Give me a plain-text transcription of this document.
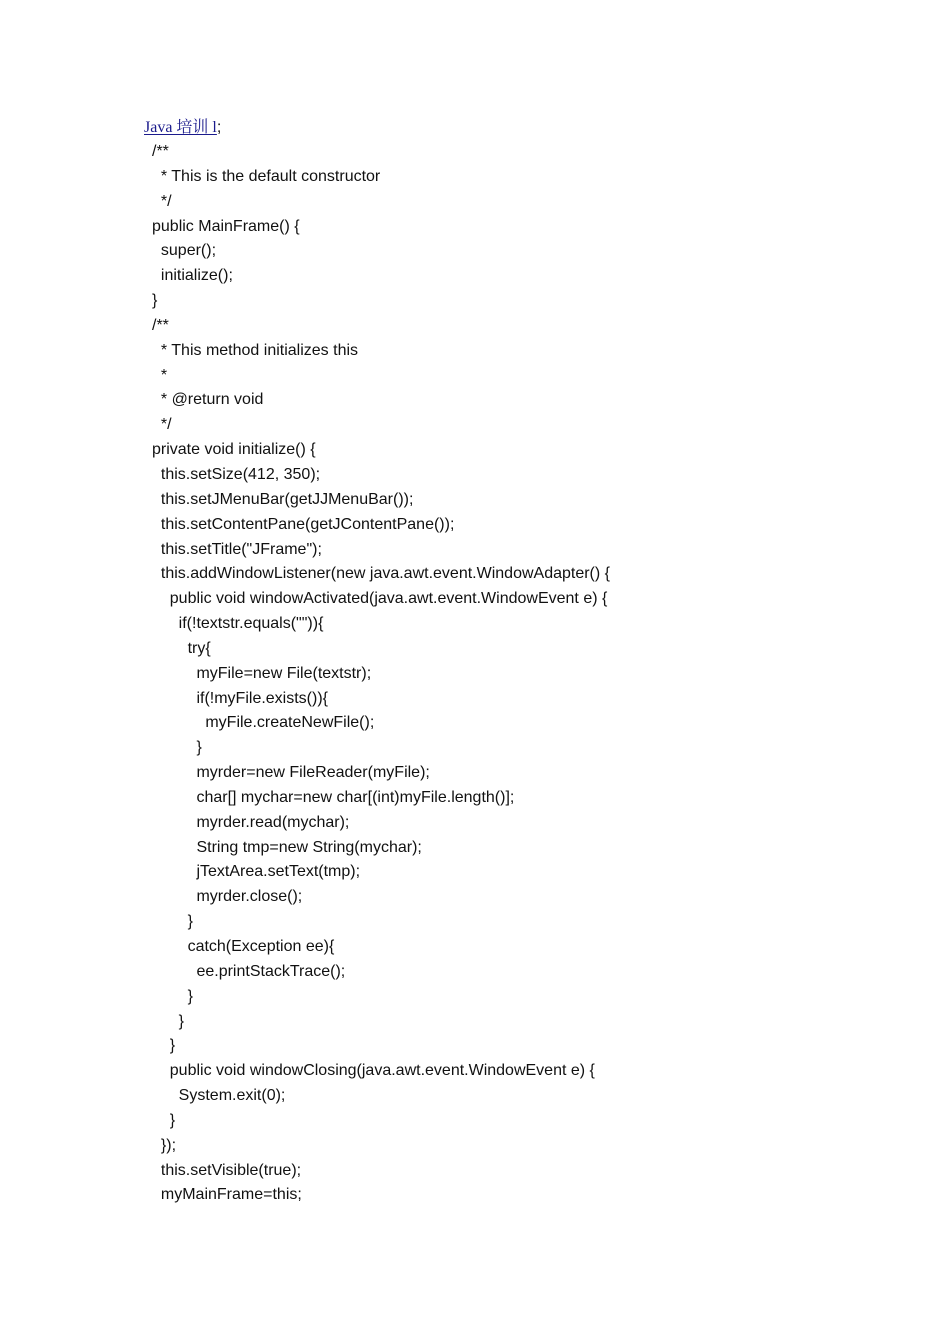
Java 培训 l;
/**
* This is the default constructor
*/
public MainFrame() {
super();
initialize();
}
/**
* This method initializes this
*
* @return void
*/
private void initialize() {
this.setSize(412, 350);
this.setJMenuBar(getJJMenuBar());
this.setContentPane(getJContentPane());
this.setTitle("JFrame");
this.addWindowListener(new java.awt.event.WindowAdapter() {
public void windowActivated(java.awt.event.WindowEvent e) {
if(!textstr.equals("")){
try{
myFile=new File(textstr);
if(!myFile.exists()){
myFile.createNewFile();
}
myrder=new FileReader(myFile);
char[] mychar=new char[(int)myFile.length()];
myrder.read(mychar);
String tmp=new String(mychar);
jTextArea.setText(tmp);
myrder.close();
}
catch(Exception ee){
ee.printStackTrace();
}
}
}
public void windowClosing(java.awt.event.WindowEvent e) {
System.exit(0);
}
});
this.setVisible(true);
myMainFrame=this;
